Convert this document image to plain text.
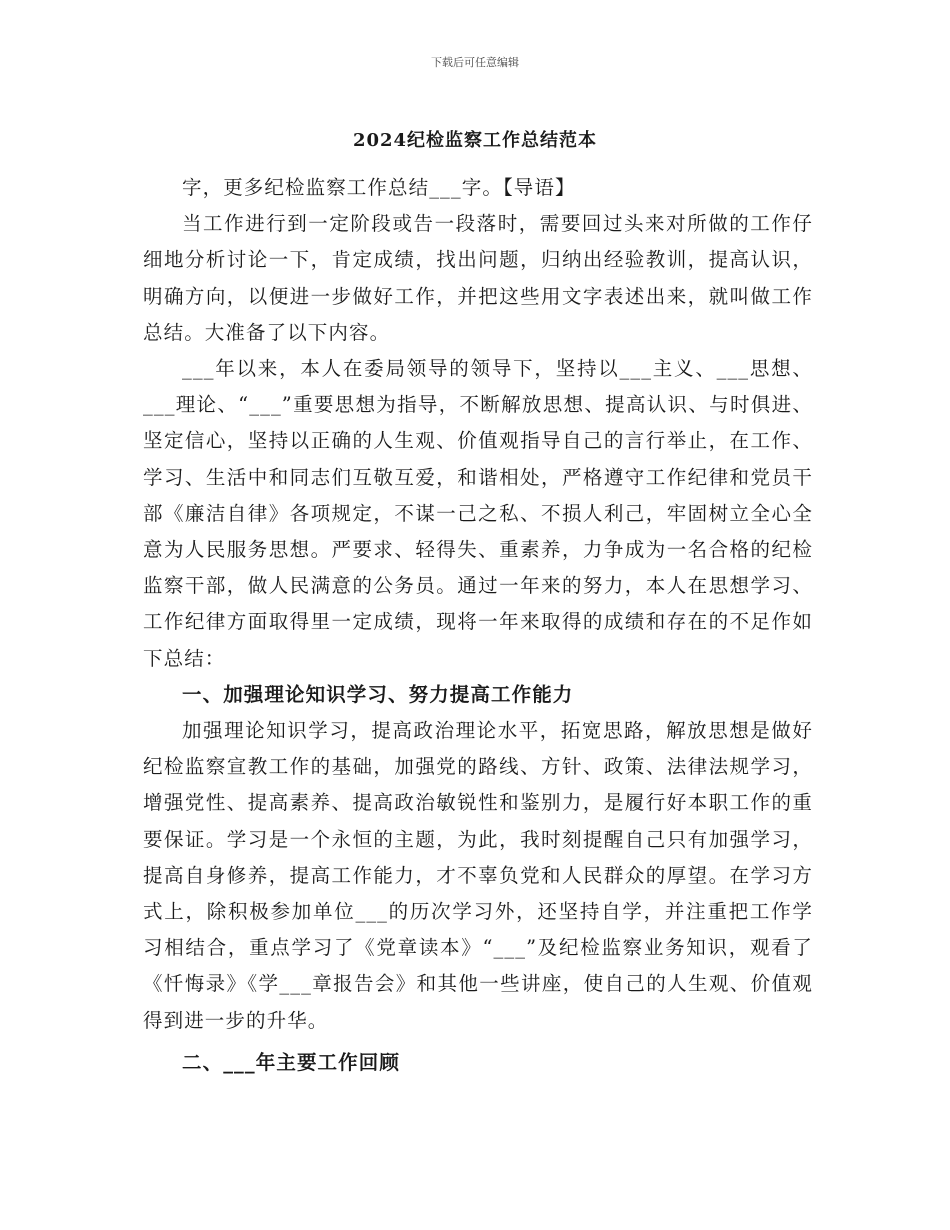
下载后可任意编辑
2024纪检监察工作总结范本

字，更多纪检监察工作总结___字。【导语】

当工作进行到一定阶段或告一段落时，需要回过头来对所做的工作仔细地分析讨论一下，肯定成绩，找出问题，归纳出经验教训，提高认识，明确方向，以便进一步做好工作，并把这些用文字表述出来，就叫做工作总结。大准备了以下内容。

___年以来，本人在委局领导的领导下，坚持以___主义、___思想、___理论、“___”重要思想为指导，不断解放思想、提高认识、与时俱进、坚定信心，坚持以正确的人生观、价值观指导自己的言行举止，在工作、学习、生活中和同志们互敬互爱，和谐相处，严格遵守工作纪律和党员干部《廉洁自律》各项规定，不谋一己之私、不损人利己，牢固树立全心全意为人民服务思想。严要求、轻得失、重素养，力争成为一名合格的纪检监察干部，做人民满意的公务员。通过一年来的努力，本人在思想学习、工作纪律方面取得里一定成绩，现将一年来取得的成绩和存在的不足作如下总结：

一、加强理论知识学习、努力提高工作能力

加强理论知识学习，提高政治理论水平，拓宽思路，解放思想是做好纪检监察宣教工作的基础，加强党的路线、方针、政策、法律法规学习，增强党性、提高素养、提高政治敏锐性和鉴别力，是履行好本职工作的重要保证。学习是一个永恒的主题，为此，我时刻提醒自己只有加强学习，提高自身修养，提高工作能力，才不辜负党和人民群众的厚望。在学习方式上，除积极参加单位___的历次学习外，还坚持自学，并注重把工作学习相结合，重点学习了《党章读本》“___”及纪检监察业务知识，观看了《忏悔录》《学___章报告会》和其他一些讲座，使自己的人生观、价值观得到进一步的升华。

二、___年主要工作回顾
